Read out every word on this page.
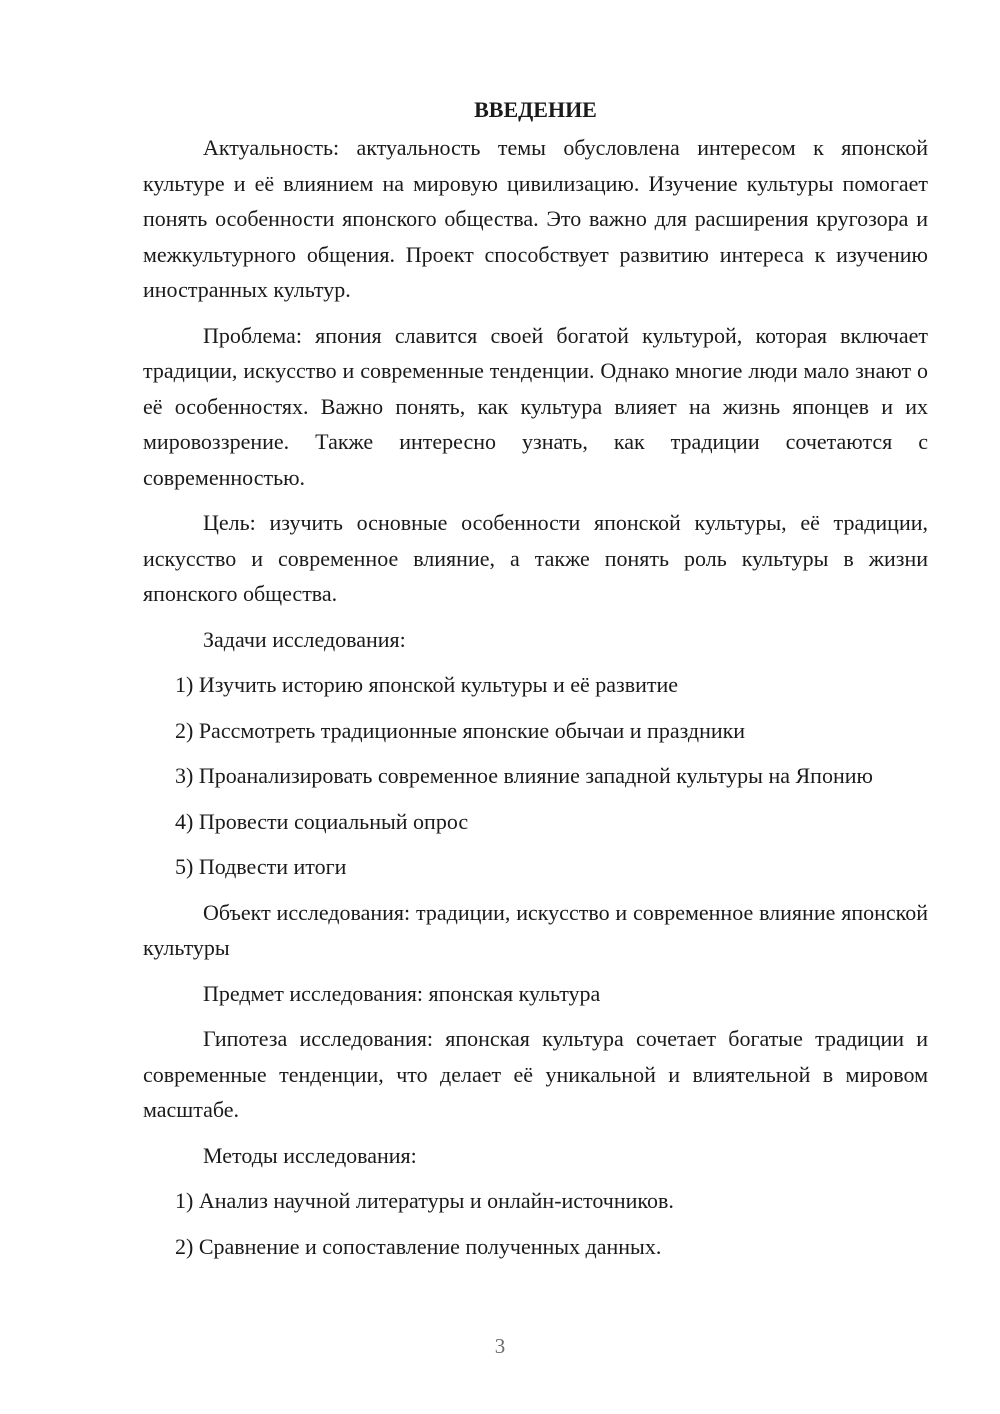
ВВЕДЕНИЕ

Актуальность: актуальность темы обусловлена интересом к японской культуре и её влиянием на мировую цивилизацию. Изучение культуры помогает понять особенности японского общества. Это важно для расширения кругозора и межкультурного общения. Проект способствует развитию интереса к изучению иностранных культур.

Проблема: япония славится своей богатой культурой, которая включает традиции, искусство и современные тенденции. Однако многие люди мало знают о её особенностях. Важно понять, как культура влияет на жизнь японцев и их мировоззрение. Также интересно узнать, как традиции сочетаются с современностью.

Цель: изучить основные особенности японской культуры, её традиции, искусство и современное влияние, а также понять роль культуры в жизни японского общества.

Задачи исследования:

1) Изучить историю японской культуры и её развитие

2) Рассмотреть традиционные японские обычаи и праздники

3) Проанализировать современное влияние западной культуры на Японию

4) Провести социальный опрос

5) Подвести итоги

Объект исследования: традиции, искусство и современное влияние японской культуры

Предмет исследования: японская культура

Гипотеза исследования: японская культура сочетает богатые традиции и современные тенденции, что делает её уникальной и влиятельной в мировом масштабе.

Методы исследования:

1) Анализ научной литературы и онлайн-источников.

2) Сравнение и сопоставление полученных данных.

3
